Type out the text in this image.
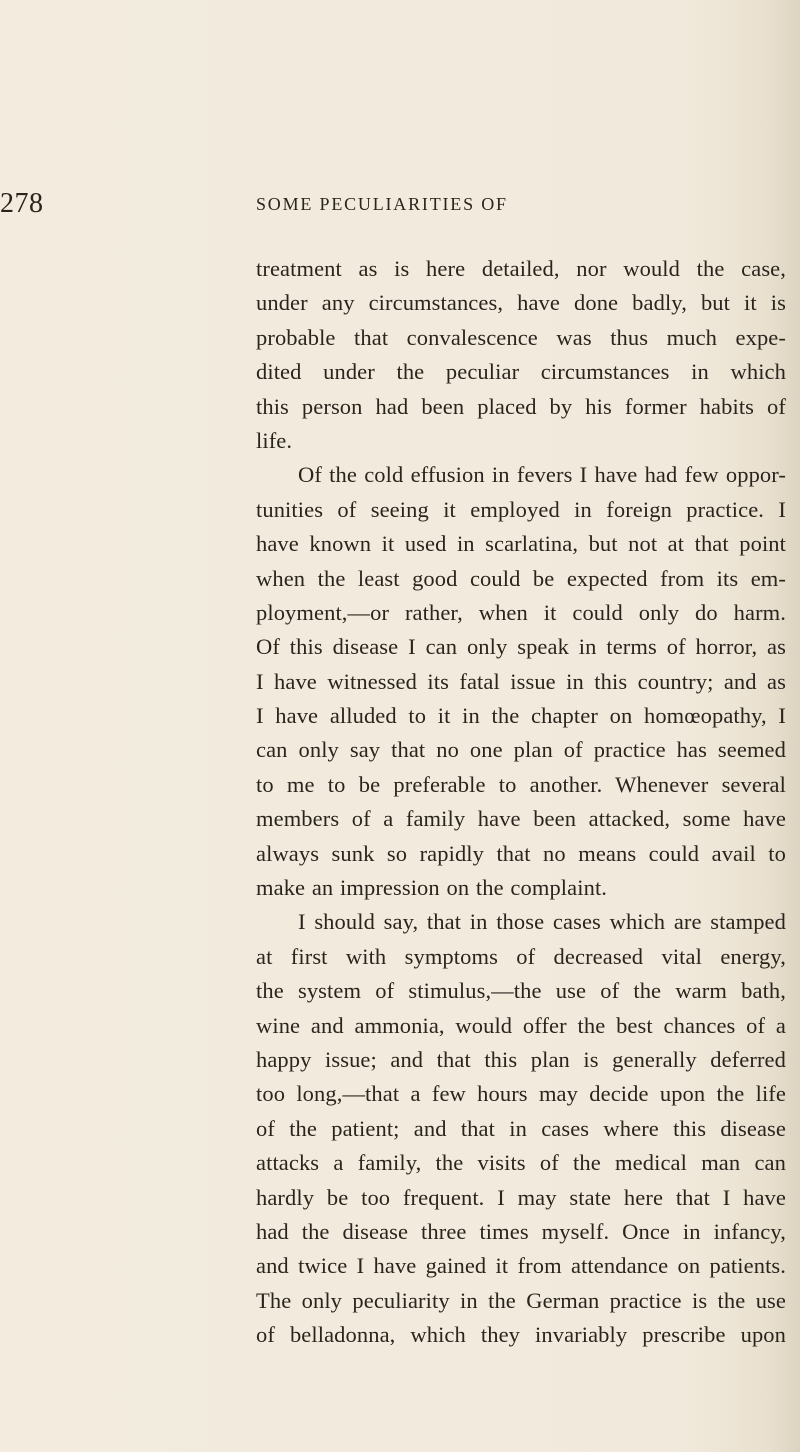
278	SOME PECULIARITIES OF
treatment as is here detailed, nor would the case,
under any circumstances, have done badly, but it is
probable that convalescence was thus much expe-
dited under the peculiar circumstances in which
this person had been placed by his former habits of
life.
Of the cold effusion in fevers I have had few oppor-
tunities of seeing it employed in foreign practice. I
have known it used in scarlatina, but not at that point
when the least good could be expected from its em-
ployment,—or rather, when it could only do harm.
Of this disease I can only speak in terms of horror, as
I have witnessed its fatal issue in this country; and as
I have alluded to it in the chapter on homœopathy, I
can only say that no one plan of practice has seemed
to me to be preferable to another. Whenever several
members of a family have been attacked, some have
always sunk so rapidly that no means could avail to
make an impression on the complaint.
I should say, that in those cases which are stamped
at first with symptoms of decreased vital energy,
the system of stimulus,—the use of the warm bath,
wine and ammonia, would offer the best chances of a
happy issue; and that this plan is generally deferred
too long,—that a few hours may decide upon the life
of the patient; and that in cases where this disease
attacks a family, the visits of the medical man can
hardly be too frequent. I may state here that I have
had the disease three times myself. Once in infancy,
and twice I have gained it from attendance on patients.
The only peculiarity in the German practice is the use
of belladonna, which they invariably prescribe upon
